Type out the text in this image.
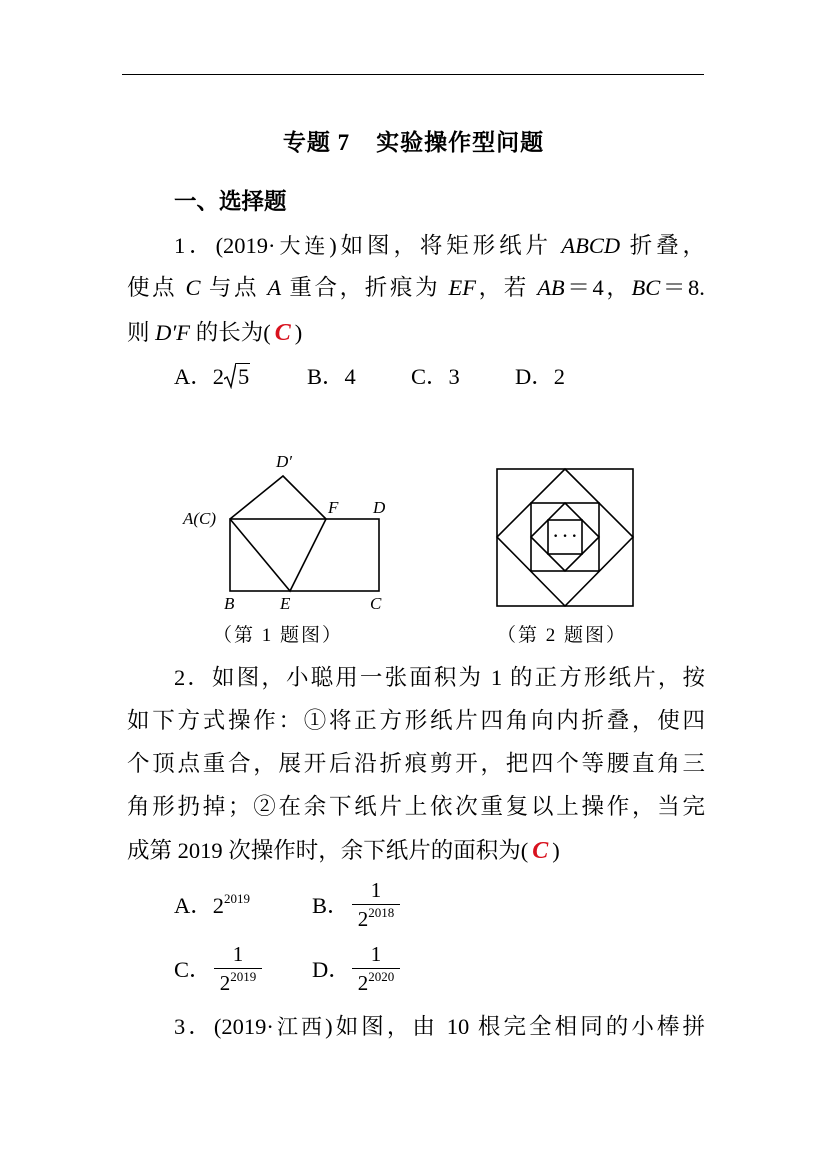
专题 7 实验操作型问题
一、选择题
1．(2019·大连)如图，将矩形纸片 ABCD 折叠，
使点 C 与点 A 重合，折痕为 EF，若 AB＝4，BC＝8.
则 D′F 的长为( C )
A．2 5	B．4 C．3 D．2
D′
A(C)
F D
B	E	C
（第 1 题图）
· · ·
（第 2 题图）
2．如图，小聪用一张面积为 1 的正方形纸片，按
如下方式操作：①将正方形纸片四角向内折叠，使四
个顶点重合，展开后沿折痕剪开，把四个等腰直角三
角形扔掉；②在余下纸片上依次重复以上操作，当完
成第 2019 次操作时，余下纸片的面积为( C )
A．$2^{2019}$	B．
1
$2^{2018}$
C．
1
$2^{2019}$ D．
1
$2^{2020}$
3．(2019·江西)如图，由 10 根完全相同的小棒拼
